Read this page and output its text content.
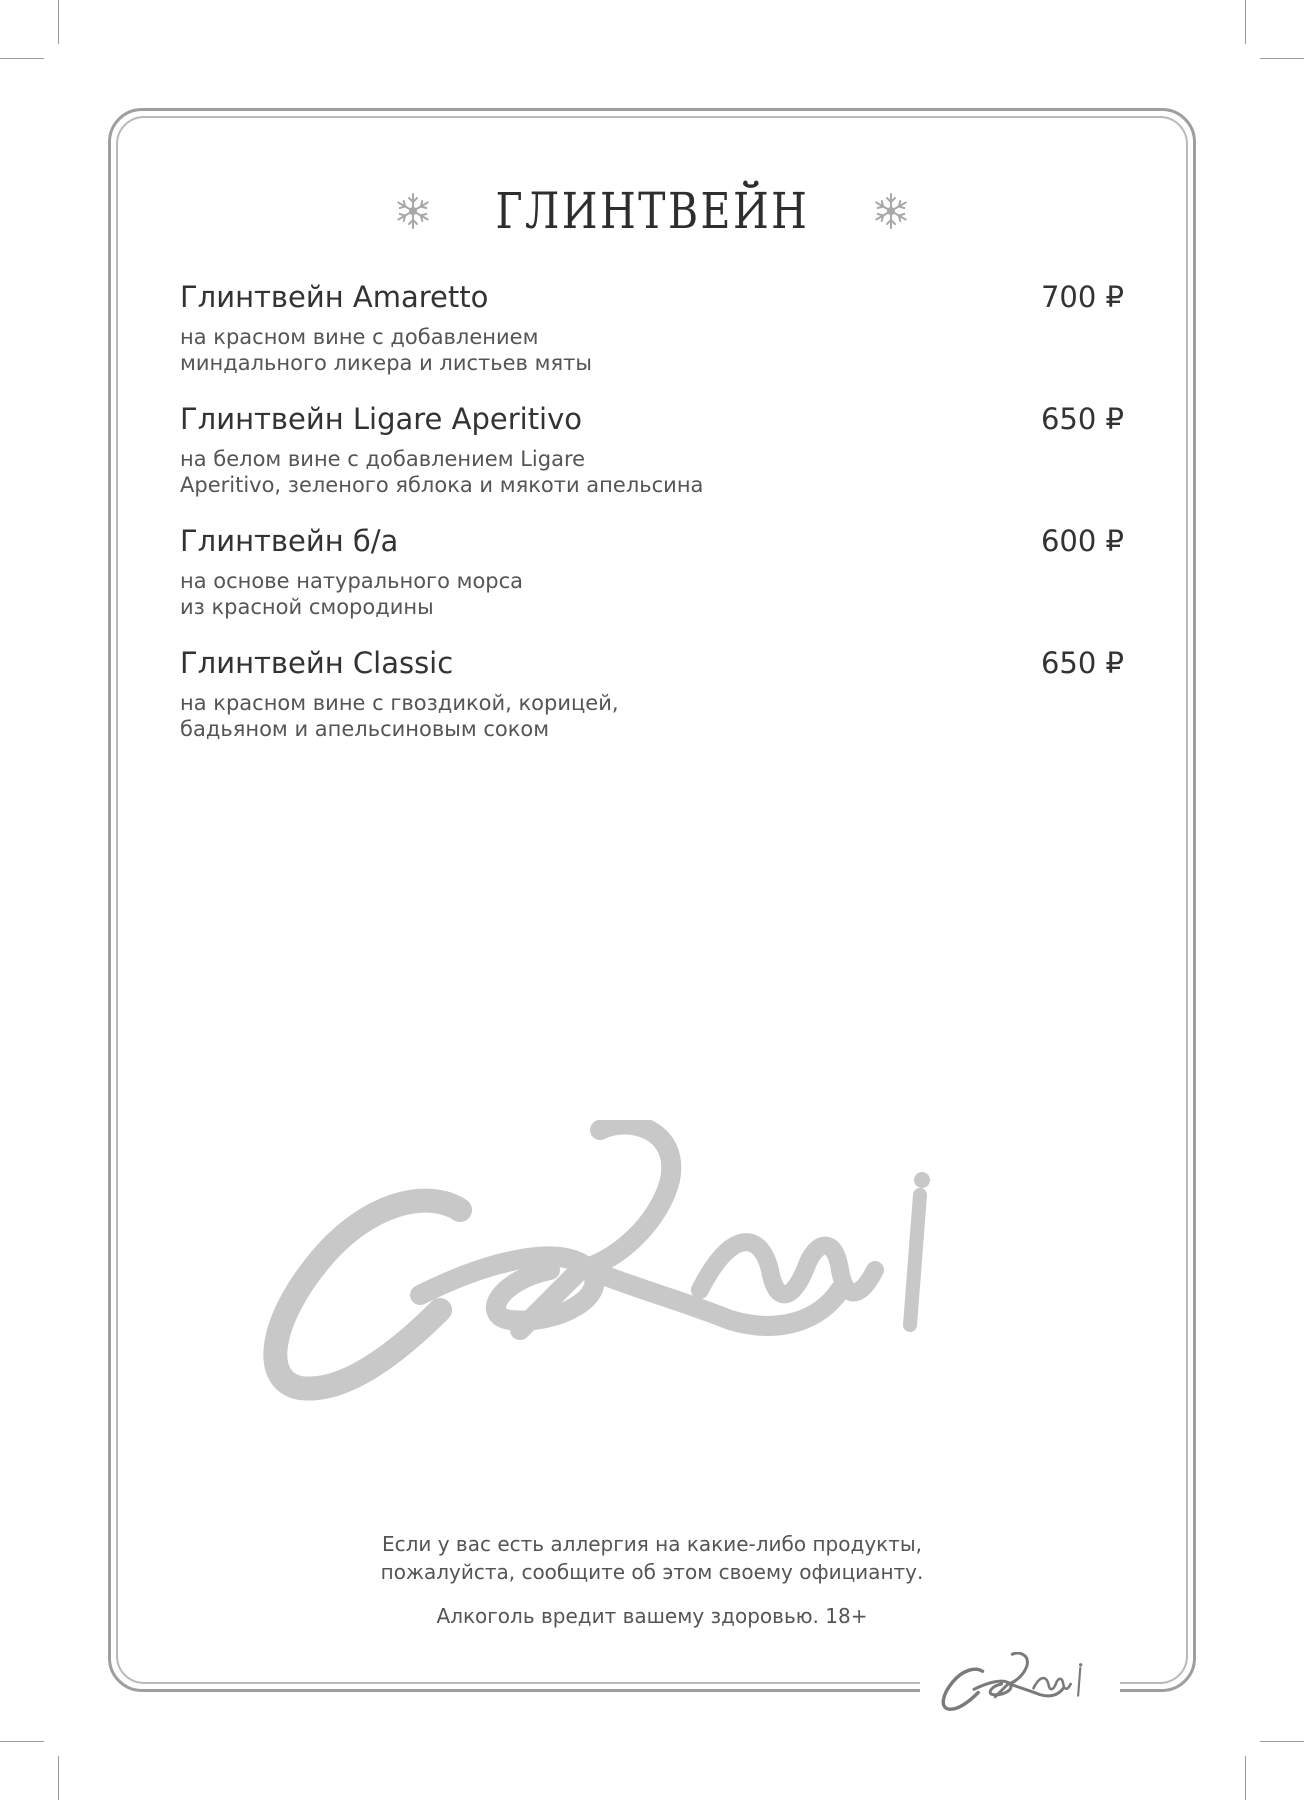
ГЛИНТВЕЙН
Глинтвейн Amaretto	700 ₽
на красном вине с добавлением
миндального ликера и листьев мяты
Глинтвейн Ligare Aperitivo	650 ₽
на белом вине с добавлением Ligare
Aperitivo, зеленого яблока и мякоти апельсина
Глинтвейн б/а	600 ₽
на основе натурального морса
из красной смородины
Глинтвейн Classic	650 ₽
на красном вине с гвоздикой, корицей,
бадьяном и апельсиновым соком
Если у вас есть аллергия на какие-либо продукты,
пожалуйста, сообщите об этом своему официанту.
Алкоголь вредит вашему здоровью. 18+
